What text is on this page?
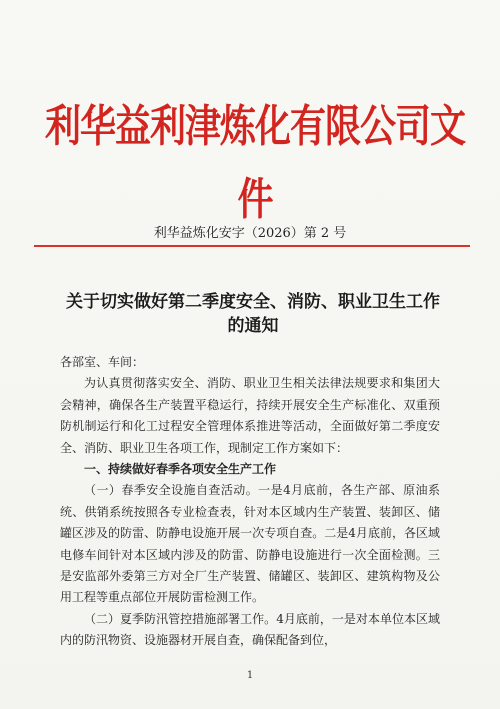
利华益利津炼化有限公司文件
利华益炼化安字（2026）第 2 号
关于切实做好第二季度安全、消防、职业卫生工作的通知

各部室、车间：

为认真贯彻落实安全、消防、职业卫生相关法律法规要求和集团大会精神，确保各生产装置平稳运行，持续开展安全生产标准化、双重预防机制运行和化工过程安全管理体系推进等活动，全面做好第二季度安全、消防、职业卫生各项工作，现制定工作方案如下：

一、持续做好春季各项安全生产工作

（一）春季安全设施自查活动。一是4月底前，各生产部、原油系统、供销系统按照各专业检查表，针对本区域内生产装置、装卸区、储罐区涉及的防雷、防静电设施开展一次专项自查。二是4月底前，各区域电修车间针对本区域内涉及的防雷、防静电设施进行一次全面检测。三是安监部外委第三方对全厂生产装置、储罐区、装卸区、建筑构物及公用工程等重点部位开展防雷检测工作。

（二）夏季防汛管控措施部署工作。4月底前，一是对本单位本区域内的防汛物资、设施器材开展自查，确保配备到位，

1
